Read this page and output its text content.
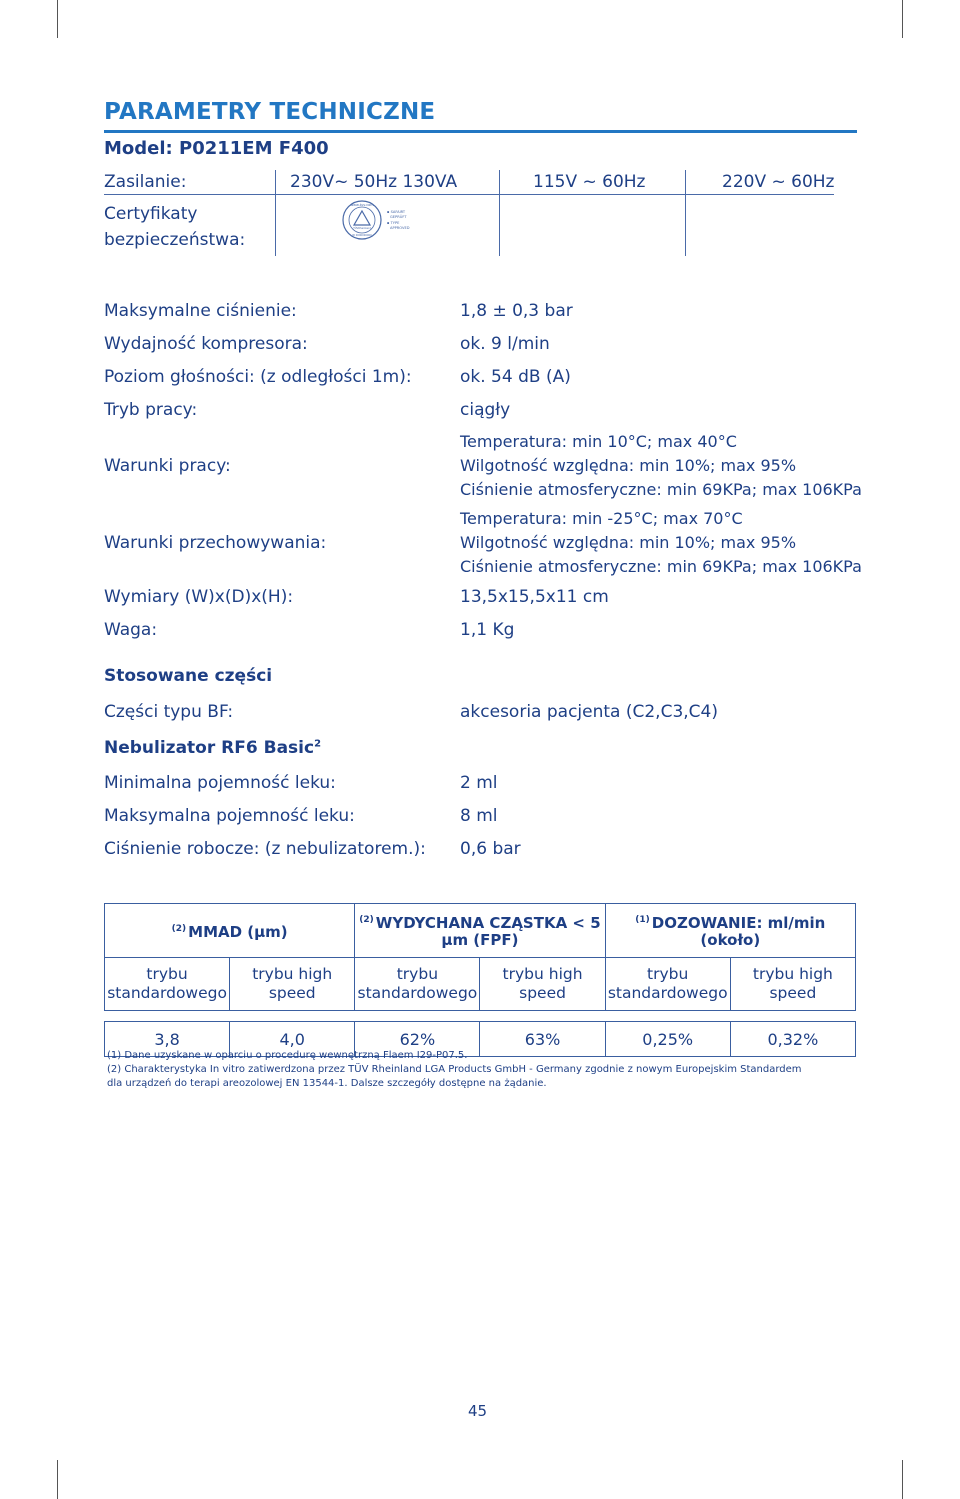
PARAMETRY TECHNICZNE
Model: P0211EM F400
Zasilanie:	230V~ 50Hz 130VA	115V ~ 60Hz	220V ~ 60Hz
Certyfikaty
bezpieczeństwa:
www.tuv.com
TÜVRheinland
ID 0000000000
▪ SAFAIRT
GEPRÜFT
▪ TYPE
APPROVED
Maksymalne ciśnienie:	1,8 ± 0,3 bar
Wydajność kompresora:	ok. 9 l/min
Poziom głośności: (z odległości 1m):	ok. 54 dB (A)
Tryb pracy:	ciągły
Warunki pracy:
Temperatura: min 10°C; max 40°C
Wilgotność względna: min 10%; max 95%
Ciśnienie atmosferyczne: min 69KPa; max 106KPa
Warunki przechowywania:
Temperatura: min -25°C; max 70°C
Wilgotność względna: min 10%; max 95%
Ciśnienie atmosferyczne: min 69KPa; max 106KPa
Wymiary (W)x(D)x(H):	13,5x15,5x11 cm
Waga:	1,1 Kg
Stosowane części
Części typu BF:	akcesoria pacjenta (C2,C3,C4)
Nebulizator RF6 Basic$^2$
Minimalna pojemność leku:	2 ml
Maksymalna pojemność leku:	8 ml
Ciśnienie robocze: (z nebulizatorem.): 0,6 bar
$^{(2)}$ MMAD (µm)		$^{(2)}$ WYDYCHANA CZĄSTKA < 5 µm (FPF)		$^{(1)}$ DOZOWANIE: ml/min (około)	
trybu standardowego	trybu high speed	trybu standardowego	trybu high speed	trybu standardowego	trybu high speed

3,8	4,0	62%	63%	0,25%	0,32%
(1) Dane uzyskane w oparciu o procedurę wewnętrzną Flaem I29-P07.5.
(2) Charakterystyka In vitro zatiwerdzona przez TÜV Rheinland LGA Products GmbH - Germany zgodnie z nowym Europejskim Standardem
dla urządzeń do terapi areozolowej EN 13544-1. Dalsze szczegóły dostępne na żądanie.
45
